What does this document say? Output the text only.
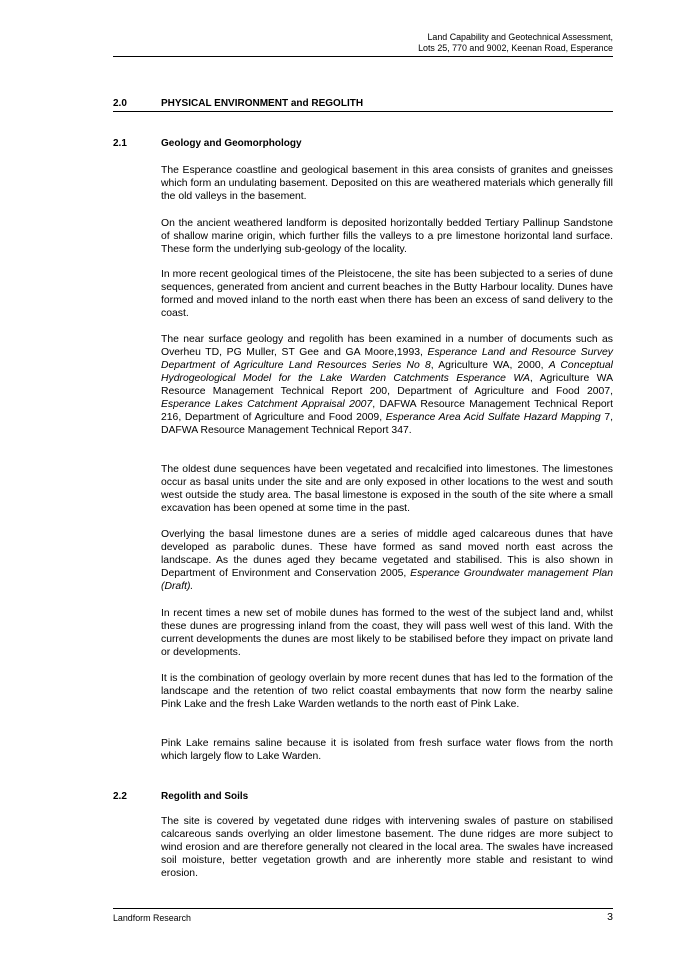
Land Capability and Geotechnical Assessment,
Lots 25, 770 and 9002, Keenan Road, Esperance
2.0	PHYSICAL ENVIRONMENT and REGOLITH
2.1	Geology and Geomorphology
The Esperance coastline and geological basement in this area consists of granites and gneisses which form an undulating basement. Deposited on this are weathered materials which generally fill the old valleys in the basement.
On the ancient weathered landform is deposited horizontally bedded Tertiary Pallinup Sandstone of shallow marine origin, which further fills the valleys to a pre limestone horizontal land surface. These form the underlying sub-geology of the locality.
In more recent geological times of the Pleistocene, the site has been subjected to a series of dune sequences, generated from ancient and current beaches in the Butty Harbour locality. Dunes have formed and moved inland to the north east when there has been an excess of sand delivery to the coast.
The near surface geology and regolith has been examined in a number of documents such as Overheu TD, PG Muller, ST Gee and GA Moore,1993, Esperance Land and Resource Survey Department of Agriculture Land Resources Series No 8, Agriculture WA, 2000, A Conceptual Hydrogeological Model for the Lake Warden Catchments Esperance WA, Agriculture WA Resource Management Technical Report 200, Department of Agriculture and Food 2007, Esperance Lakes Catchment Appraisal 2007, DAFWA Resource Management Technical Report 216, Department of Agriculture and Food 2009, Esperance Area Acid Sulfate Hazard Mapping 7, DAFWA Resource Management Technical Report 347.
The oldest dune sequences have been vegetated and recalcified into limestones. The limestones occur as basal units under the site and are only exposed in other locations to the west and south west outside the study area. The basal limestone is exposed in the south of the site where a small excavation has been opened at some time in the past.
Overlying the basal limestone dunes are a series of middle aged calcareous dunes that have developed as parabolic dunes. These have formed as sand moved north east across the landscape. As the dunes aged they became vegetated and stabilised. This is also shown in Department of Environment and Conservation 2005, Esperance Groundwater management Plan (Draft).
In recent times a new set of mobile dunes has formed to the west of the subject land and, whilst these dunes are progressing inland from the coast, they will pass well west of this land. With the current developments the dunes are most likely to be stabilised before they impact on private land or developments.
It is the combination of geology overlain by more recent dunes that has led to the formation of the landscape and the retention of two relict coastal embayments that now form the nearby saline Pink Lake and the fresh Lake Warden wetlands to the north east of Pink Lake.
Pink Lake remains saline because it is isolated from fresh surface water flows from the north which largely flow to Lake Warden.
2.2	Regolith and Soils
The site is covered by vegetated dune ridges with intervening swales of pasture on stabilised calcareous sands overlying an older limestone basement. The dune ridges are more subject to wind erosion and are therefore generally not cleared in the local area. The swales have increased soil moisture, better vegetation growth and are inherently more stable and resistant to wind erosion.
Landform Research	3
